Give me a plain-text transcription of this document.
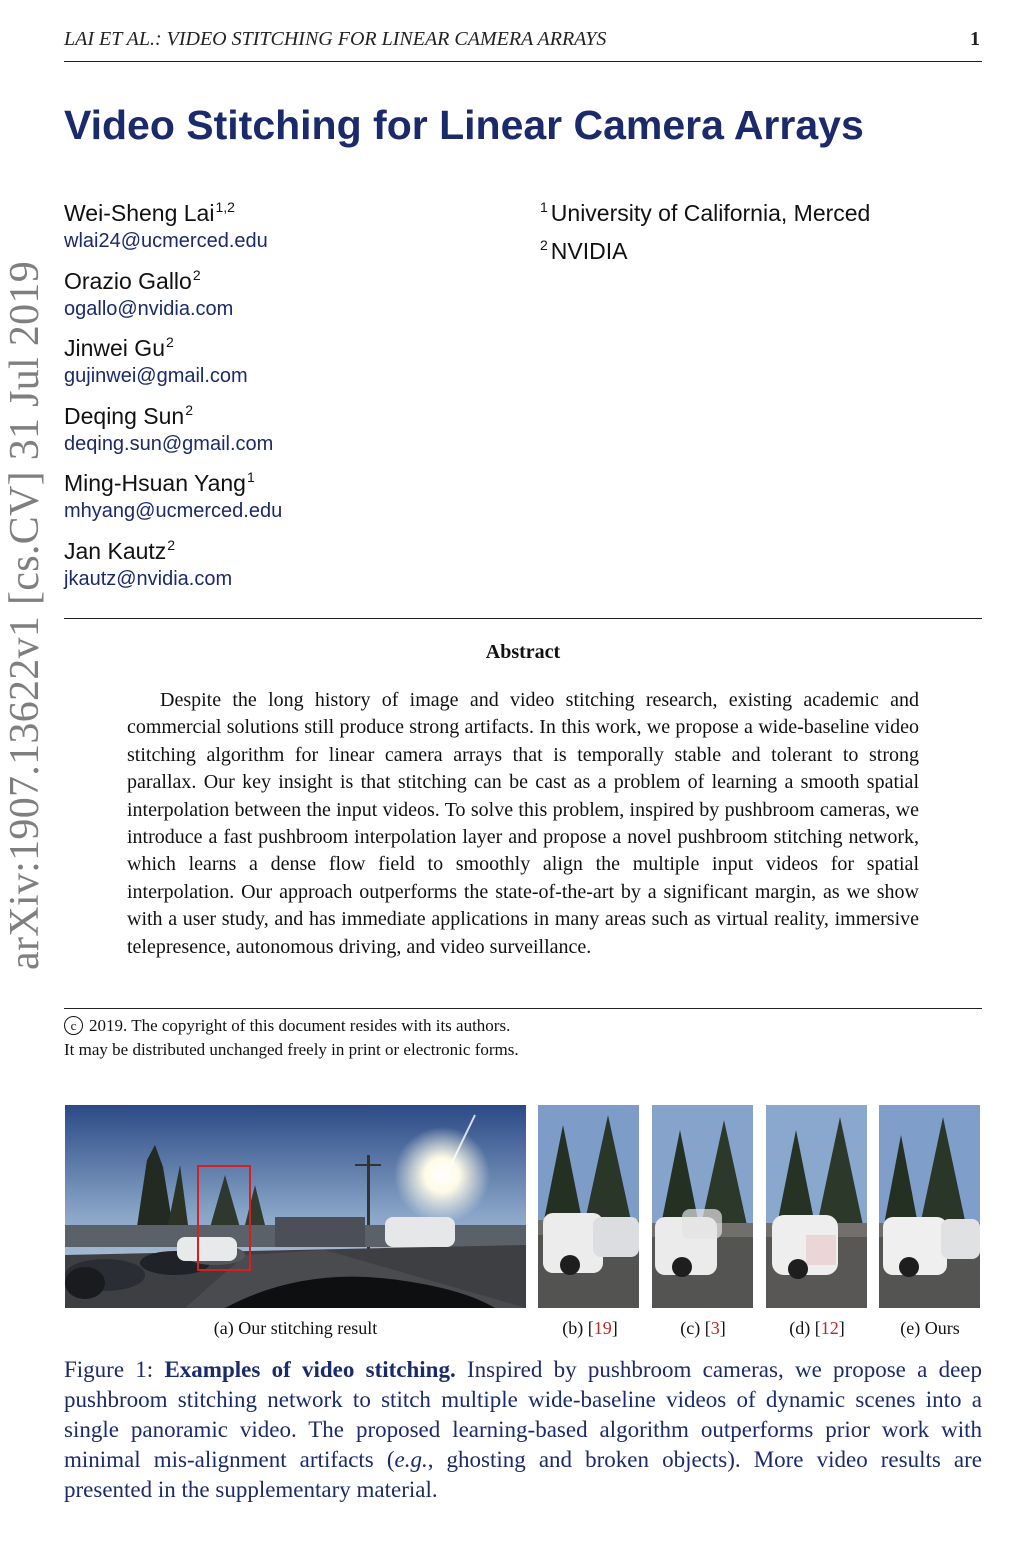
LAI ET AL.: VIDEO STITCHING FOR LINEAR CAMERA ARRAYS	1
arXiv:1907.13622v1 [cs.CV] 31 Jul 2019
Video Stitching for Linear Camera Arrays
Wei-Sheng Lai$^{1,2}$
wlai24@ucmerced.edu
Orazio Gallo$^2$
ogallo@nvidia.com
Jinwei Gu$^2$
gujinwei@gmail.com
Deqing Sun$^2$
deqing.sun@gmail.com
Ming-Hsuan Yang$^1$
mhyang@ucmerced.edu
Jan Kautz$^2$
jkautz@nvidia.com
$^1$ University of California, Merced
$^2$ NVIDIA
Abstract
Despite the long history of image and video stitching research, existing academic and commercial solutions still produce strong artifacts. In this work, we propose a wide-baseline video stitching algorithm for linear camera arrays that is temporally stable and tolerant to strong parallax. Our key insight is that stitching can be cast as a problem of learning a smooth spatial interpolation between the input videos. To solve this problem, inspired by pushbroom cameras, we introduce a fast pushbroom interpolation layer and propose a novel pushbroom stitching network, which learns a dense flow field to smoothly align the multiple input videos for spatial interpolation. Our approach outperforms the state-of-the-art by a significant margin, as we show with a user study, and has immediate applications in many areas such as virtual reality, immersive telepresence, autonomous driving, and video surveillance.
c 2019. The copyright of this document resides with its authors.
It may be distributed unchanged freely in print or electronic forms.
(a) Our stitching result	(b) [19]	(c) [3]	(d) [12]	(e) Ours
Figure 1: Examples of video stitching. Inspired by pushbroom cameras, we propose a deep pushbroom stitching network to stitch multiple wide-baseline videos of dynamic scenes into a single panoramic video. The proposed learning-based algorithm outperforms prior work with minimal mis-alignment artifacts (e.g., ghosting and broken objects). More video results are presented in the supplementary material.
